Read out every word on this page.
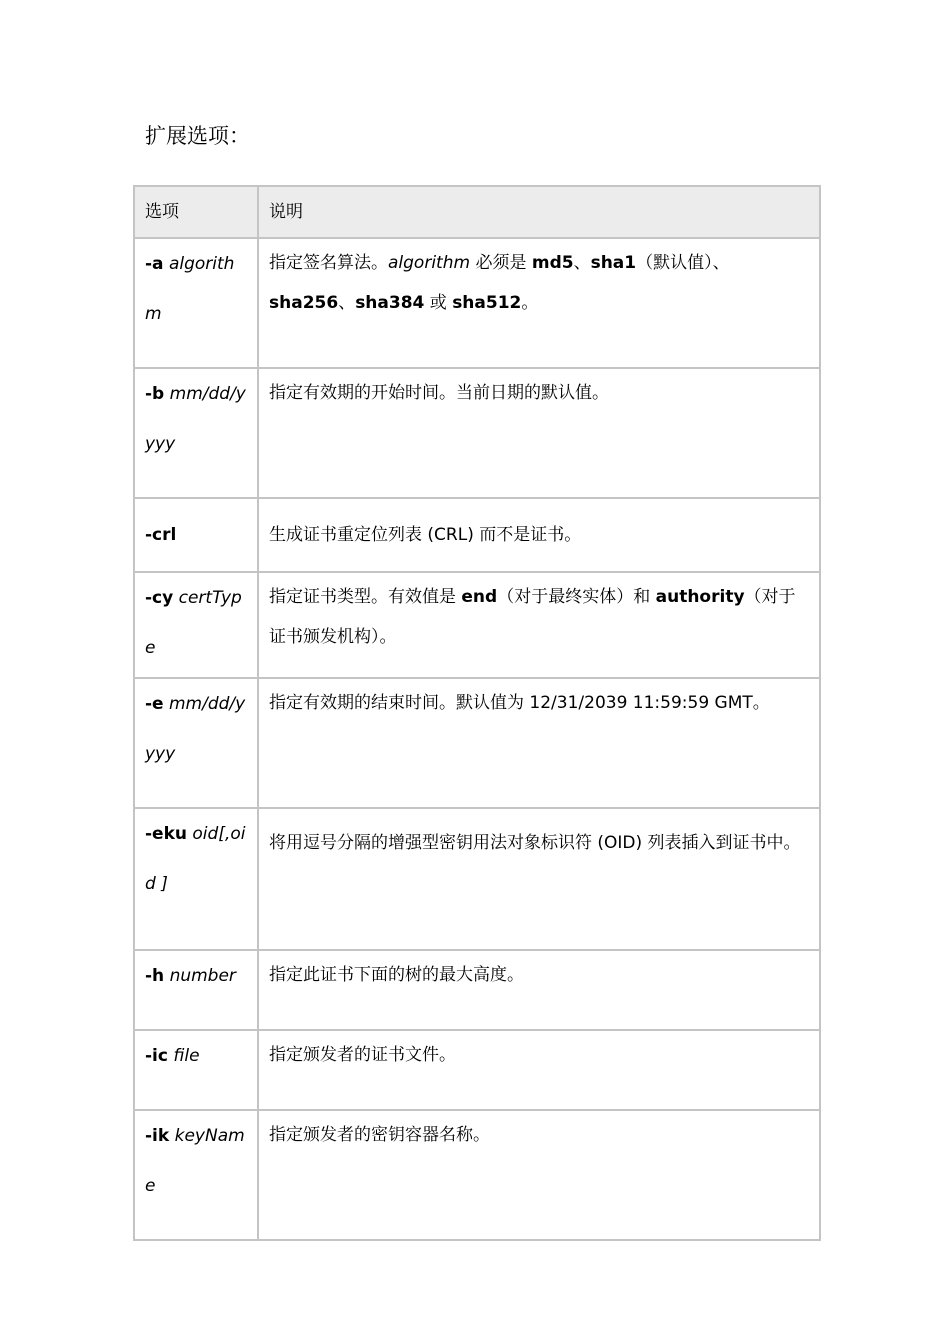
扩展选项：
选项	说明
-a algorithm	指定签名算法。algorithm 必须是 md5、sha1（默认值）、sha256、sha384 或 sha512。
-b mm/dd/yyyy	指定有效期的开始时间。当前日期的默认值。
-crl	生成证书重定位列表 (CRL) 而不是证书。
-cy certType	指定证书类型。有效值是 end（对于最终实体）和 authority（对于证书颁发机构）。
-e mm/dd/yyyy	指定有效期的结束时间。默认值为 12/31/2039 11:59:59 GMT。
-eku oid[,oid ]	将用逗号分隔的增强型密钥用法对象标识符 (OID) 列表插入到证书中。
-h number	指定此证书下面的树的最大高度。
-ic file	指定颁发者的证书文件。
-ik keyName	指定颁发者的密钥容器名称。
